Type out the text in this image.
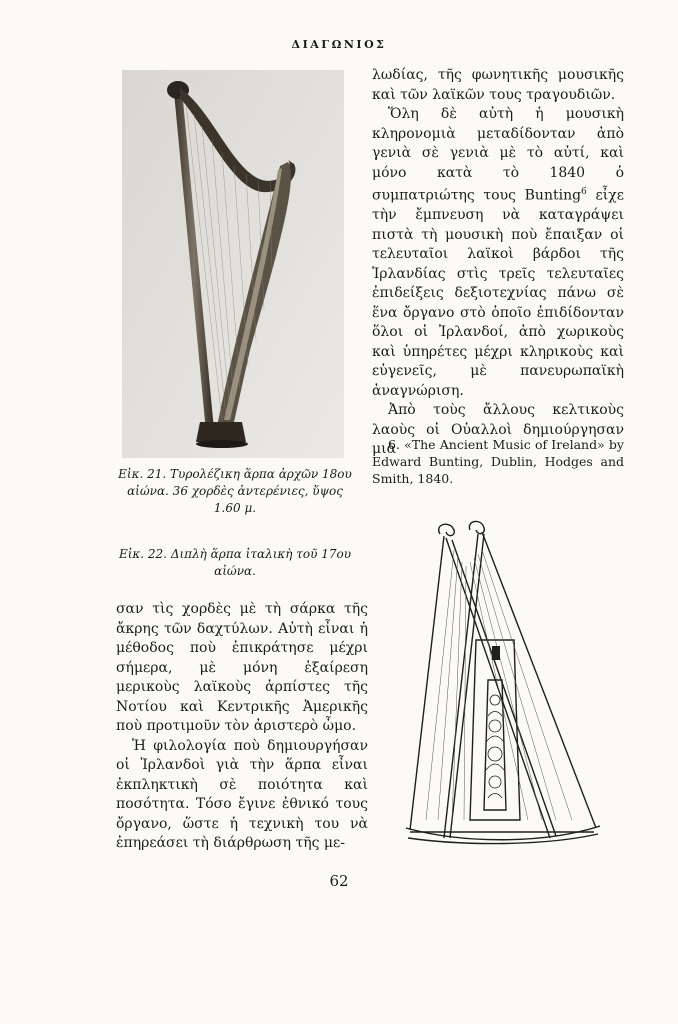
ΔΙΑΓΩΝΙΟΣ
Εἰκ. 21. Τυρολέζικη ἅρπα ἀρχῶν 18ου αἰώνα. 36 χορδὲς ἀντερένιες, ὕψος 1.60 μ.
Εἰκ. 22. Διπλὴ ἅρπα ἰταλικὴ τοῦ 17ου αἰώνα.

λωδίας, τῆς φωνητικῆς μουσικῆς καὶ τῶν λαϊκῶν τους τραγουδιῶν.

Ὅλη δὲ αὐτὴ ἡ μουσικὴ κληρονομιὰ μεταδίδονταν ἀπὸ γενιὰ σὲ γενιὰ μὲ τὸ αὐτί, καὶ μόνο κατὰ τὸ 1840 ὁ συμπατριώτης τους Bunting$^6$ εἶχε τὴν ἔμπνευση νὰ καταγράψει πιστὰ τὴ μουσικὴ ποὺ ἔπαιξαν οἱ τελευταῖοι λαϊκοὶ βάρδοι τῆς Ἰρλανδίας στὶς τρεῖς τελευταῖες ἐπιδείξεις δεξιοτεχνίας πάνω σὲ ἕνα ὄργανο στὸ ὁποῖο ἐπιδίδονταν ὅλοι οἱ Ἰρλανδοί, ἀπὸ χωρικοὺς καὶ ὑπηρέτες μέχρι κληρικοὺς καὶ εὐγενεῖς, μὲ πανευρωπαϊκὴ ἀναγνώριση.

Ἀπὸ τοὺς ἄλλους κελτικοὺς λαοὺς οἱ Οὐαλλοὶ δημιούργησαν μιὰ

6. «The Ancient Music of Ireland» by Edward Bunting, Dublin, Hodges and Smith, 1840.

σαν τὶς χορδὲς μὲ τὴ σάρκα τῆς ἄκρης τῶν δαχτύλων. Αὐτὴ εἶναι ἡ μέθοδος ποὺ ἐπικράτησε μέχρι σήμερα, μὲ μόνη ἐξαίρεση μερικοὺς λαϊκοὺς ἀρπίστες τῆς Νοτίου καὶ Κεντρικῆς Ἀμερικῆς ποὺ προτιμοῦν τὸν ἀριστερὸ ὦμο.

Ἡ φιλολογία ποὺ δημιουργήσαν οἱ Ἰρλανδοὶ γιὰ τὴν ἅρπα εἶναι ἐκπληκτικὴ σὲ ποιότητα καὶ ποσότητα. Τόσο ἔγινε ἐθνικό τους ὄργανο, ὥστε ἡ τεχνικὴ του νὰ ἐπηρεάσει τὴ διάρθρωση τῆς με-

62
